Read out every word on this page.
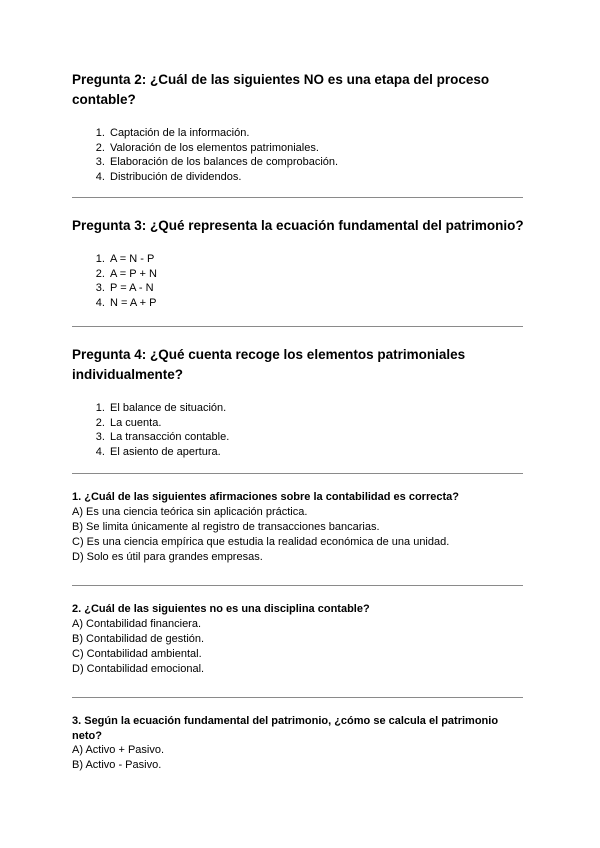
Pregunta 2: ¿Cuál de las siguientes NO es una etapa del proceso contable?

1. Captación de la información.
2. Valoración de los elementos patrimoniales.
3. Elaboración de los balances de comprobación.
4. Distribución de dividendos.

Pregunta 3: ¿Qué representa la ecuación fundamental del patrimonio?

1. A = N - P
2. A = P + N
3. P = A - N
4. N = A + P

Pregunta 4: ¿Qué cuenta recoge los elementos patrimoniales individualmente?

1. El balance de situación.
2. La cuenta.
3. La transacción contable.
4. El asiento de apertura.

1. ¿Cuál de las siguientes afirmaciones sobre la contabilidad es correcta?

A) Es una ciencia teórica sin aplicación práctica.

B) Se limita únicamente al registro de transacciones bancarias.

C) Es una ciencia empírica que estudia la realidad económica de una unidad.

D) Solo es útil para grandes empresas.

2. ¿Cuál de las siguientes no es una disciplina contable?

A) Contabilidad financiera.

B) Contabilidad de gestión.

C) Contabilidad ambiental.

D) Contabilidad emocional.

3. Según la ecuación fundamental del patrimonio, ¿cómo se calcula el patrimonio neto?

A) Activo + Pasivo.

B) Activo - Pasivo.
